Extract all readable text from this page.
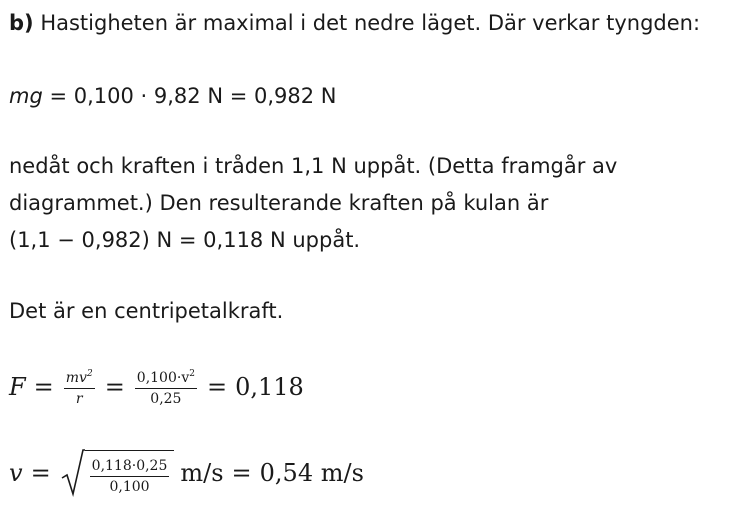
b) Hastigheten är maximal i det nedre läget. Där verkar tyngden:
mg = 0,100 · 9,82 N = 0,982 N
nedåt och kraften i tråden 1,1 N uppåt. (Detta framgår av
diagrammet.) Den resulterande kraften på kulan är
(1,1 − 0,982) N = 0,118 N uppåt.
Det är en centripetalkraft.
$F = \frac{mv^2}{r} = \frac{0,100\cdot v^2}{0,25} = 0,118$
v =	$\frac{0,118\cdot 0,25}{0,100} m/s = 0,54$ m/s
